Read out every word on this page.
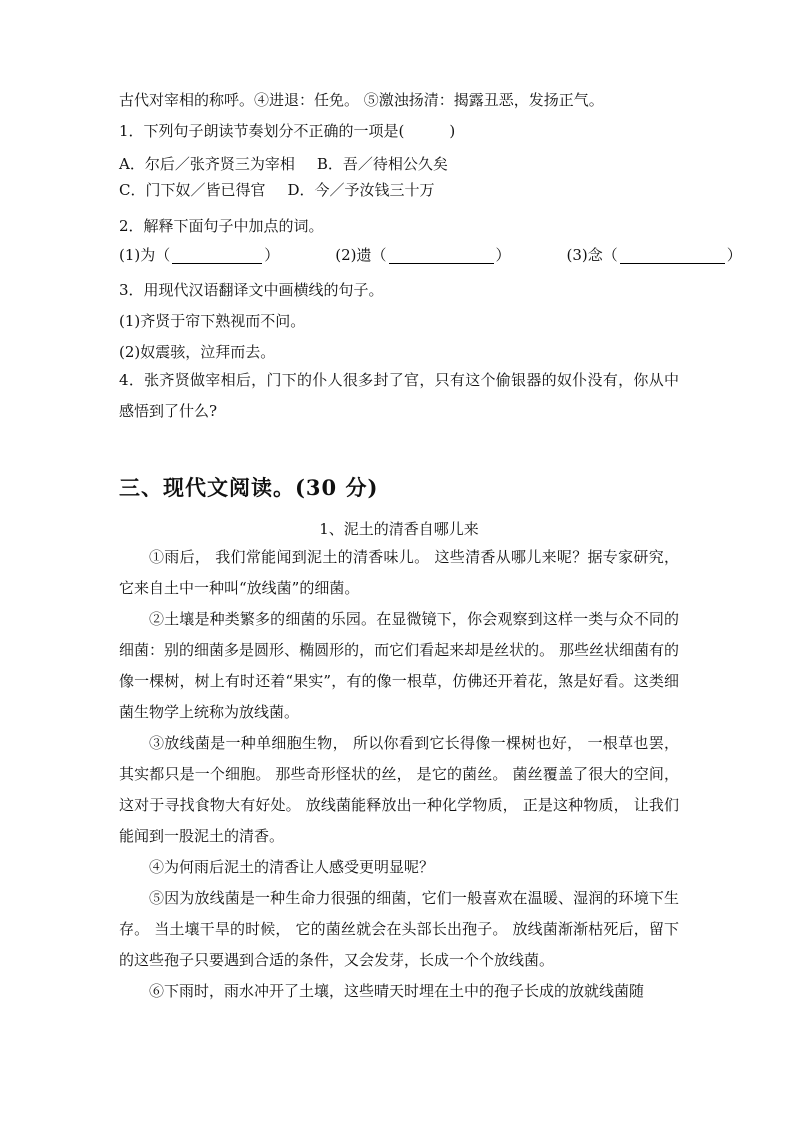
古代对宰相的称呼。④进退：任免。 ⑤激浊扬清：揭露丑恶，发扬正气。
1．下列句子朗读节奏划分不正确的一项是(　　　)
A．尔后／张齐贤三为宰相 B．吾／待相公久矣
C．门下奴／皆已得官 D．今／予汝钱三十万
2．解释下面句子中加点的词。
(1)为（	）	(2)遗（	）	(3)念（	）
3．用现代汉语翻译文中画横线的句子。
(1)齐贤于帘下熟视而不问。
(2)奴震骇，泣拜而去。
4．张齐贤做宰相后，门下的仆人很多封了官，只有这个偷银器的奴仆没有，你从中感悟到了什么?
三、现代文阅读。(30 分)
1、泥土的清香自哪儿来
①雨后， 我们常能闻到泥土的清香味儿。 这些清香从哪儿来呢？据专家研究，它来自土中一种叫“放线菌”的细菌。
②土壤是种类繁多的细菌的乐园。在显微镜下，你会观察到这样一类与众不同的细菌：别的细菌多是圆形、椭圆形的，而它们看起来却是丝状的。 那些丝状细菌有的像一棵树，树上有时还着“果实”，有的像一根草，仿佛还开着花，煞是好看。这类细菌生物学上统称为放线菌。
③放线菌是一种单细胞生物， 所以你看到它长得像一棵树也好， 一根草也罢，其实都只是一个细胞。 那些奇形怪状的丝， 是它的菌丝。 菌丝覆盖了很大的空间，这对于寻找食物大有好处。 放线菌能释放出一种化学物质， 正是这种物质， 让我们能闻到一股泥土的清香。
④为何雨后泥土的清香让人感受更明显呢？
⑤因为放线菌是一种生命力很强的细菌，它们一般喜欢在温暖、湿润的环境下生存。 当土壤干旱的时候， 它的菌丝就会在头部长出孢子。 放线菌渐渐枯死后，留下的这些孢子只要遇到合适的条件，又会发芽，长成一个个放线菌。
⑥下雨时，雨水冲开了土壤，这些晴天时埋在土中的孢子长成的放就线菌随
